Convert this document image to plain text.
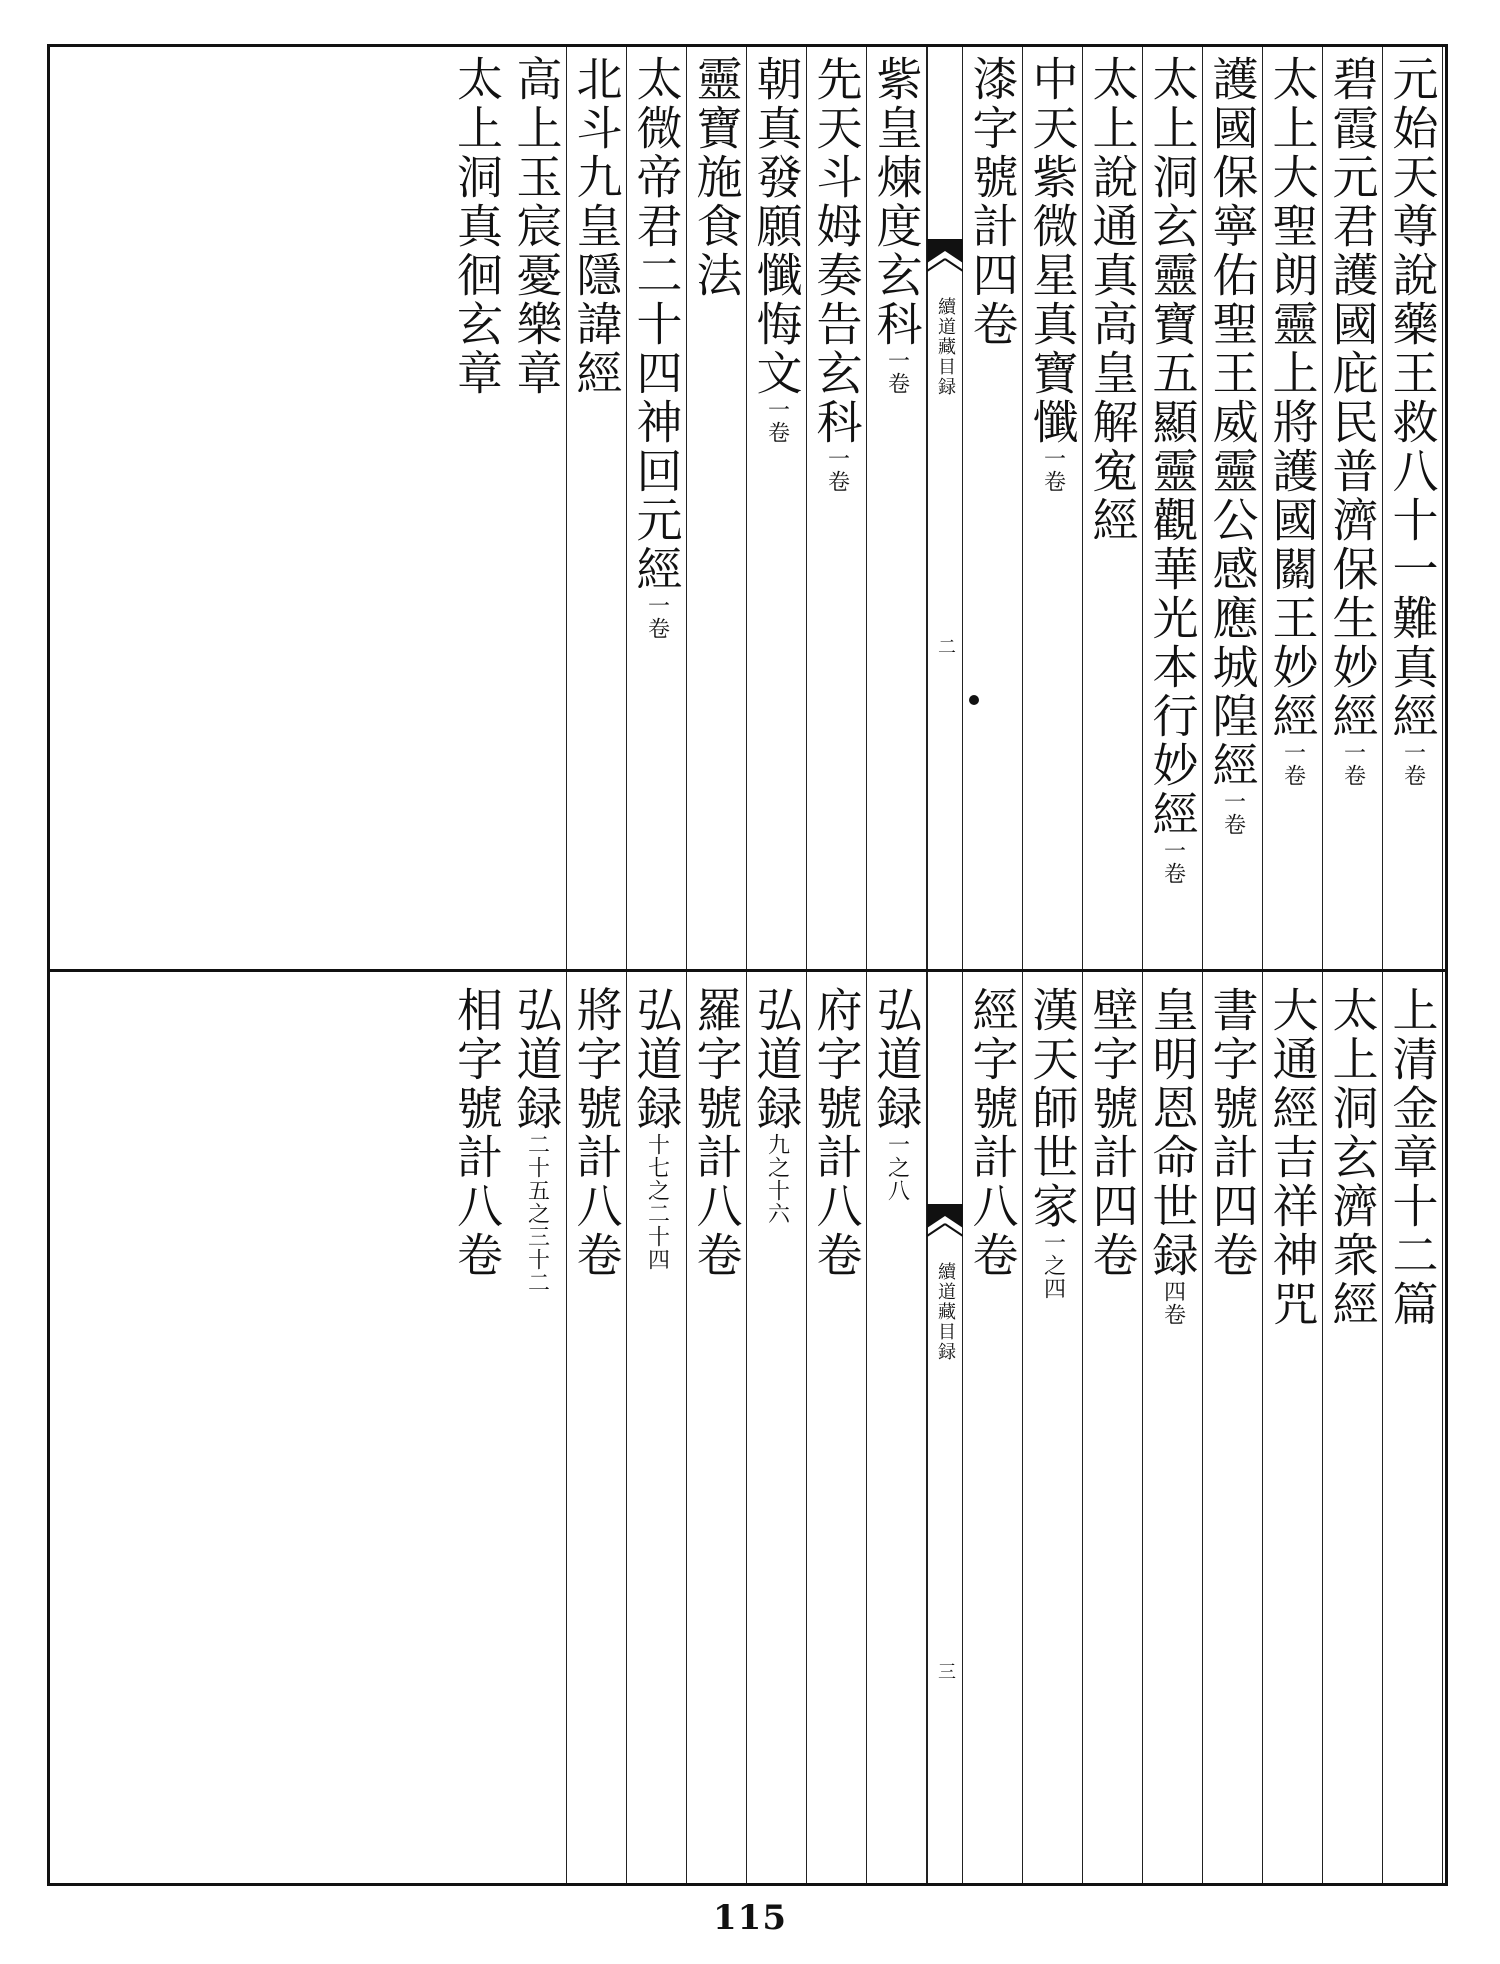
元始天尊說藥王救八十一難真經一卷
碧霞元君護國庇民普濟保生妙經一卷
太上大聖朗靈上將護國關王妙經一卷
護國保寧佑聖王威靈公感應城隍經一卷
太上洞玄靈寶五顯靈觀華光本行妙經一卷
太上說通真高皇解寃經
中天紫微星真寶懺一卷
漆字號計四卷
續道藏目録
二
紫皇煉度玄科一卷
先天斗姆奏告玄科一卷
朝真發願懺悔文一卷
靈寶施食法
太微帝君二十四神回元經一卷
北斗九皇隱諱經
高上玉宸憂樂章
太上洞真徊玄章
上清金章十二篇
太上洞玄濟衆經
大通經吉祥神咒
書字號計四卷
皇明恩命世録四卷
壁字號計四卷
漢天師世家一之四
經字號計八卷
續道藏目録
三
弘道録一之八
府字號計八卷
弘道録九之十六
羅字號計八卷
弘道録十七之二十四
將字號計八卷
弘道録二十五之三十二
相字號計八卷
115
